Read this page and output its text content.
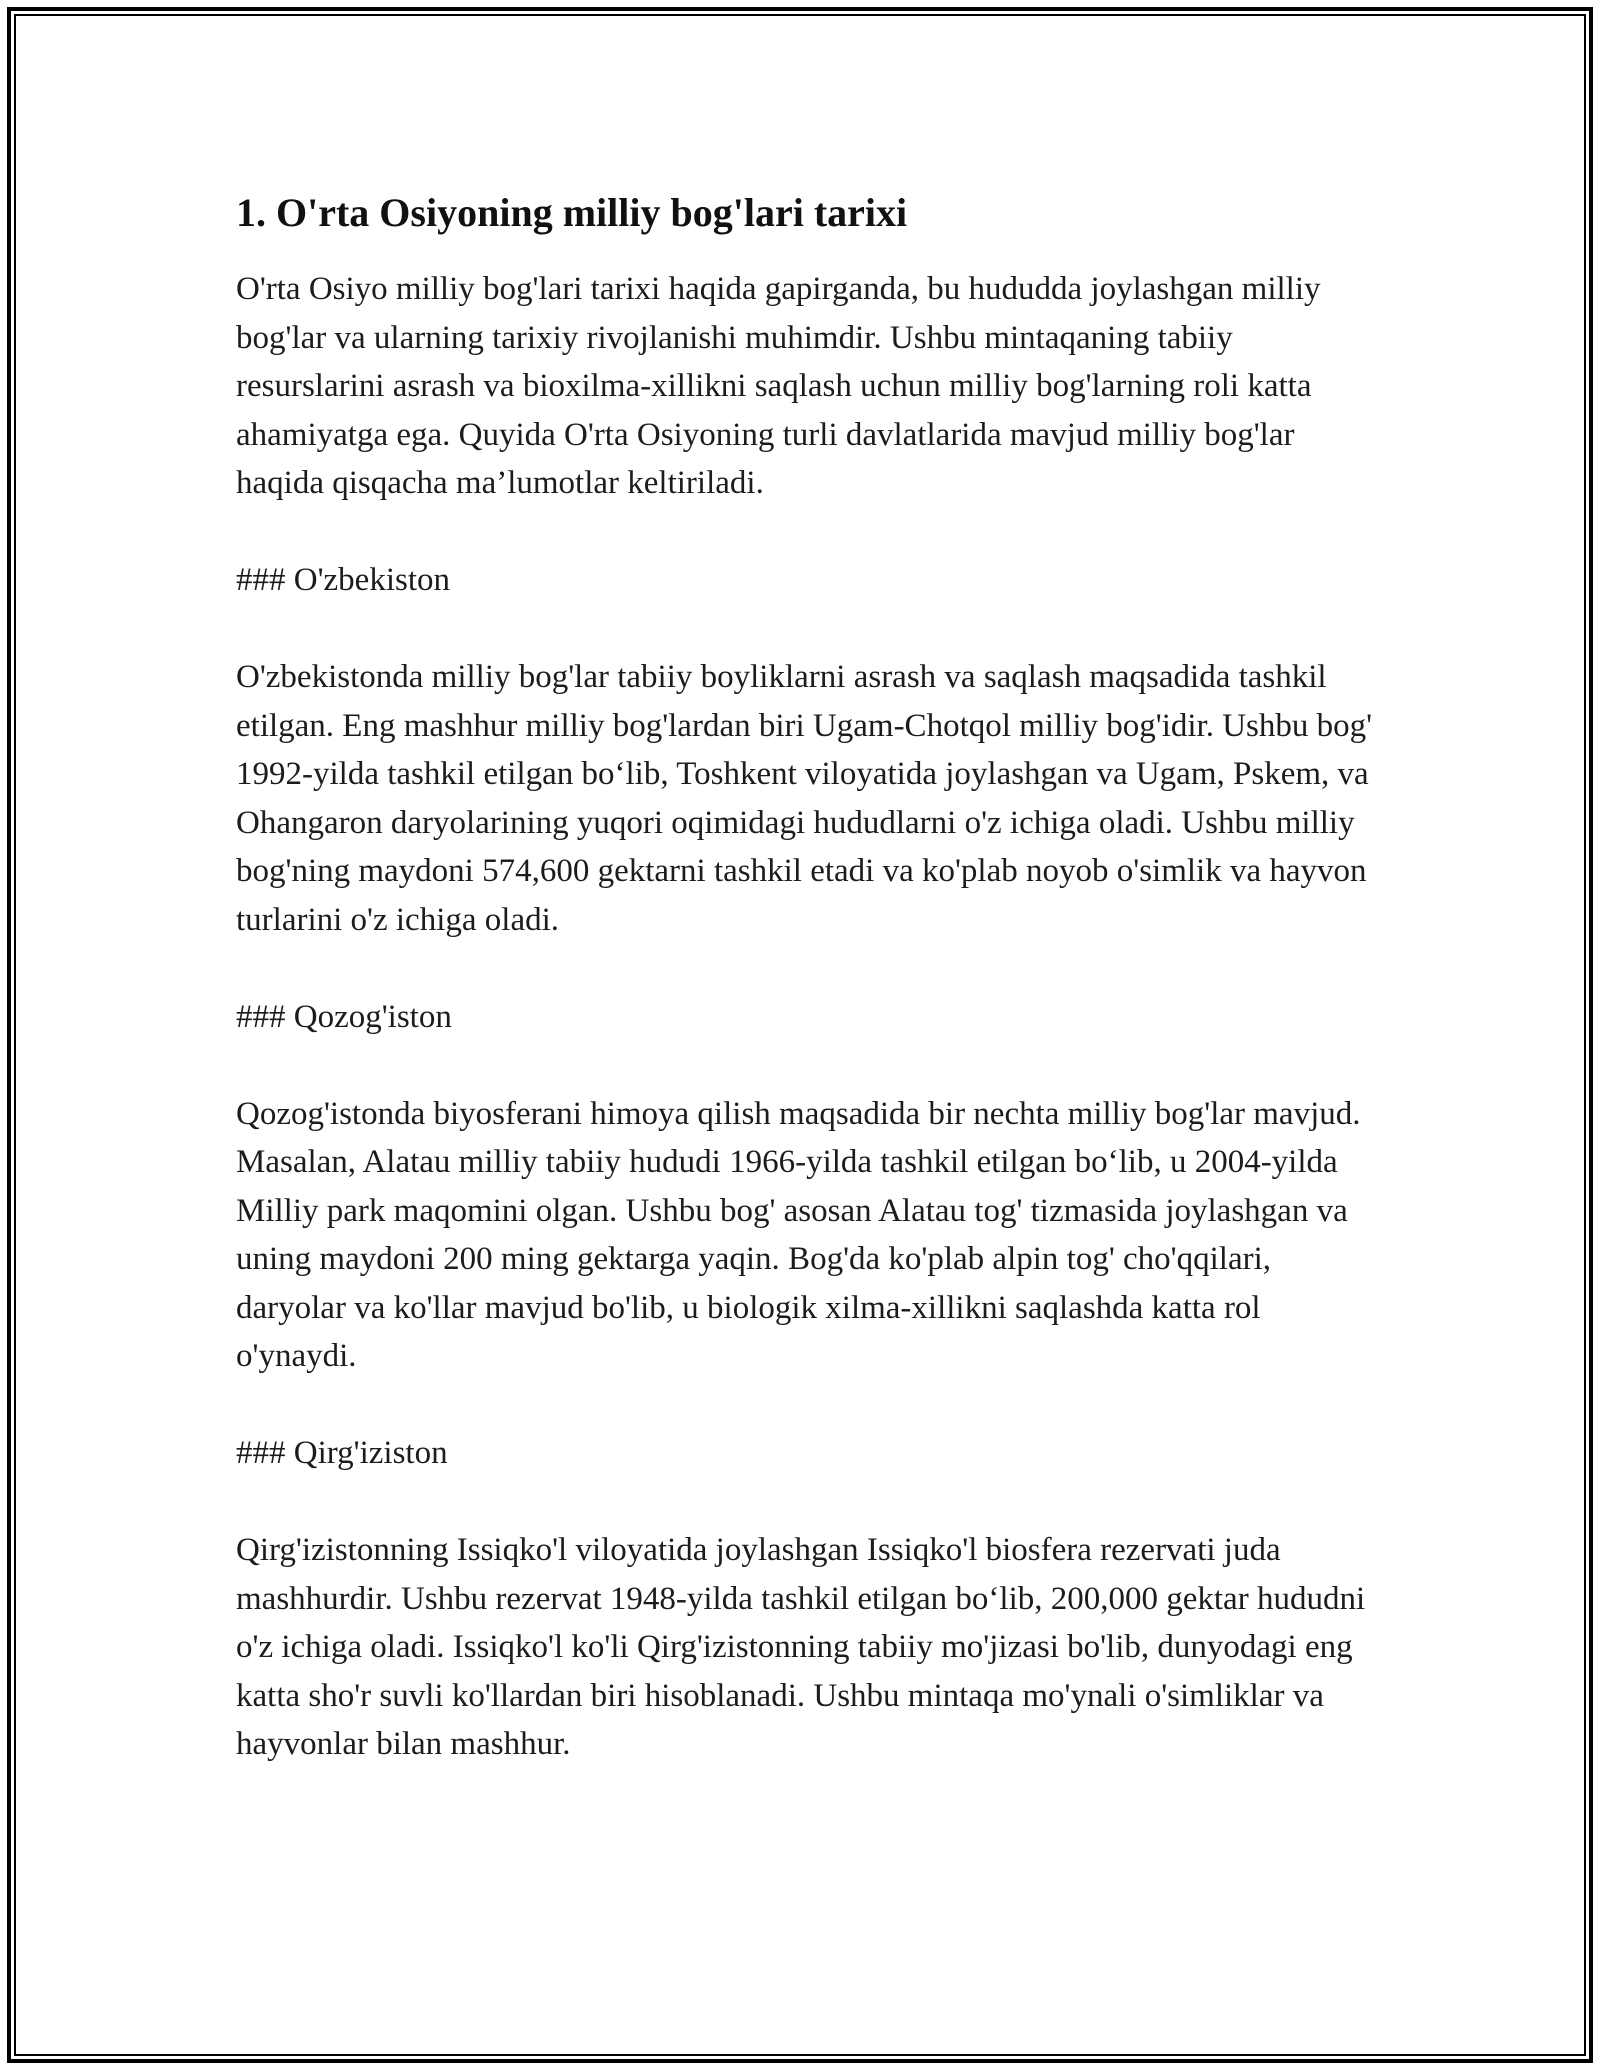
1. O'rta Osiyoning milliy bog'lari tarixi

O'rta Osiyo milliy bog'lari tarixi haqida gapirganda, bu hududda joylashgan milliy bog'lar va ularning tarixiy rivojlanishi muhimdir. Ushbu mintaqaning tabiiy resurslarini asrash va bioxilma-xillikni saqlash uchun milliy bog'larning roli katta ahamiyatga ega. Quyida O'rta Osiyoning turli davlatlarida mavjud milliy bog'lar haqida qisqacha ma’lumotlar keltiriladi.

### O'zbekiston

O'zbekistonda milliy bog'lar tabiiy boyliklarni asrash va saqlash maqsadida tashkil etilgan. Eng mashhur milliy bog'lardan biri Ugam-Chotqol milliy bog'idir. Ushbu bog' 1992-yilda tashkil etilgan bo‘lib, Toshkent viloyatida joylashgan va Ugam, Pskem, va Ohangaron daryolarining yuqori oqimidagi hududlarni o'z ichiga oladi. Ushbu milliy bog'ning maydoni 574,600 gektarni tashkil etadi va ko'plab noyob o'simlik va hayvon turlarini o'z ichiga oladi.

### Qozog'iston

Qozog'istonda biyosferani himoya qilish maqsadida bir nechta milliy bog'lar mavjud. Masalan, Alatau milliy tabiiy hududi 1966-yilda tashkil etilgan bo‘lib, u 2004-yilda Milliy park maqomini olgan. Ushbu bog' asosan Alatau tog' tizmasida joylashgan va uning maydoni 200 ming gektarga yaqin. Bog'da ko'plab alpin tog' cho'qqilari, daryolar va ko'llar mavjud bo'lib, u biologik xilma-xillikni saqlashda katta rol o'ynaydi.

### Qirg'iziston

Qirg'izistonning Issiqko'l viloyatida joylashgan Issiqko'l biosfera rezervati juda mashhurdir. Ushbu rezervat 1948-yilda tashkil etilgan bo‘lib, 200,000 gektar hududni o'z ichiga oladi. Issiqko'l ko'li Qirg'izistonning tabiiy mo'jizasi bo'lib, dunyodagi eng katta sho'r suvli ko'llardan biri hisoblanadi. Ushbu mintaqa mo'ynali o'simliklar va hayvonlar bilan mashhur.
